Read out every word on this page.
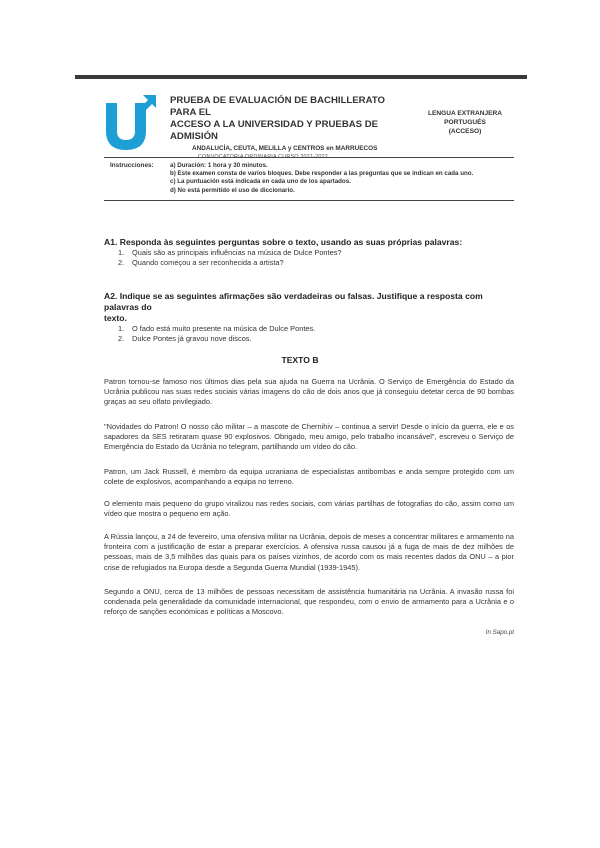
PRUEBA DE EVALUACIÓN DE BACHILLERATO PARA EL
ACCESO A LA UNIVERSIDAD Y PRUEBAS DE ADMISIÓN
ANDALUCÍA, CEUTA, MELILLA y CENTROS en MARRUECOS
CONVOCATORIA ORDINARIA CURSO 2021-2022
LENGUA EXTRANJERA
PORTUGUÉS
(ACCESO)
Instrucciones:	a) Duración: 1 hora y 30 minutos.
b) Este examen consta de varios bloques. Debe responder a las preguntas que se indican en cada uno.
c) La puntuación está indicada en cada uno de los apartados.
d) No está permitido el uso de diccionario.
A1. Responda às seguintes perguntas sobre o texto, usando as suas próprias palavras:
1. Quais são as principais influências na música de Dulce Pontes?
2. Quando começou a ser reconhecida a artista?
A2. Indique se as seguintes afirmações são verdadeiras ou falsas. Justifique a resposta com palavras do
texto.
1. O fado está muito presente na música de Dulce Pontes.
2. Dulce Pontes já gravou nove discos.
TEXTO B
Patron tornou-se famoso nos últimos dias pela sua ajuda na Guerra na Ucrânia. O Serviço de Emergência do Estado da Ucrânia publicou nas suas redes sociais várias imagens do cão de dois anos que já conseguiu detetar cerca de 90 bombas graças ao seu olfato privilegiado.
"Novidades do Patron! O nosso cão militar – a mascote de Chernihiv – continua a servir! Desde o início da guerra, ele e os sapadores da SES retiraram quase 90 explosivos. Obrigado, meu amigo, pelo trabalho incansável", escreveu o Serviço de Emergência do Estado da Ucrânia no telegram, partilhando um vídeo do cão.
Patron, um Jack Russell, é membro da equipa ucraniana de especialistas antibombas e anda sempre protegido com um colete de explosivos, acompanhando a equipa no terreno.
O elemento mais pequeno do grupo viralizou nas redes sociais, com várias partilhas de fotografias do cão, assim como um vídeo que mostra o pequeno em ação.
A Rússia lançou, a 24 de fevereiro, uma ofensiva militar na Ucrânia, depois de meses a concentrar militares e armamento na fronteira com a justificação de estar a preparar exercícios. A ofensiva russa causou já a fuga de mais de dez milhões de pessoas, mais de 3,5 milhões das quais para os países vizinhos, de acordo com os mais recentes dados da ONU – a pior crise de refugiados na Europa desde a Segunda Guerra Mundial (1939-1945).
Segundo a ONU, cerca de 13 milhões de pessoas necessitam de assistência humanitária na Ucrânia. A invasão russa foi condenada pela generalidade da comunidade internacional, que respondeu, com o envio de armamento para a Ucrânia e o reforço de sanções económicas e políticas a Moscovo.
In Sapo.pt
